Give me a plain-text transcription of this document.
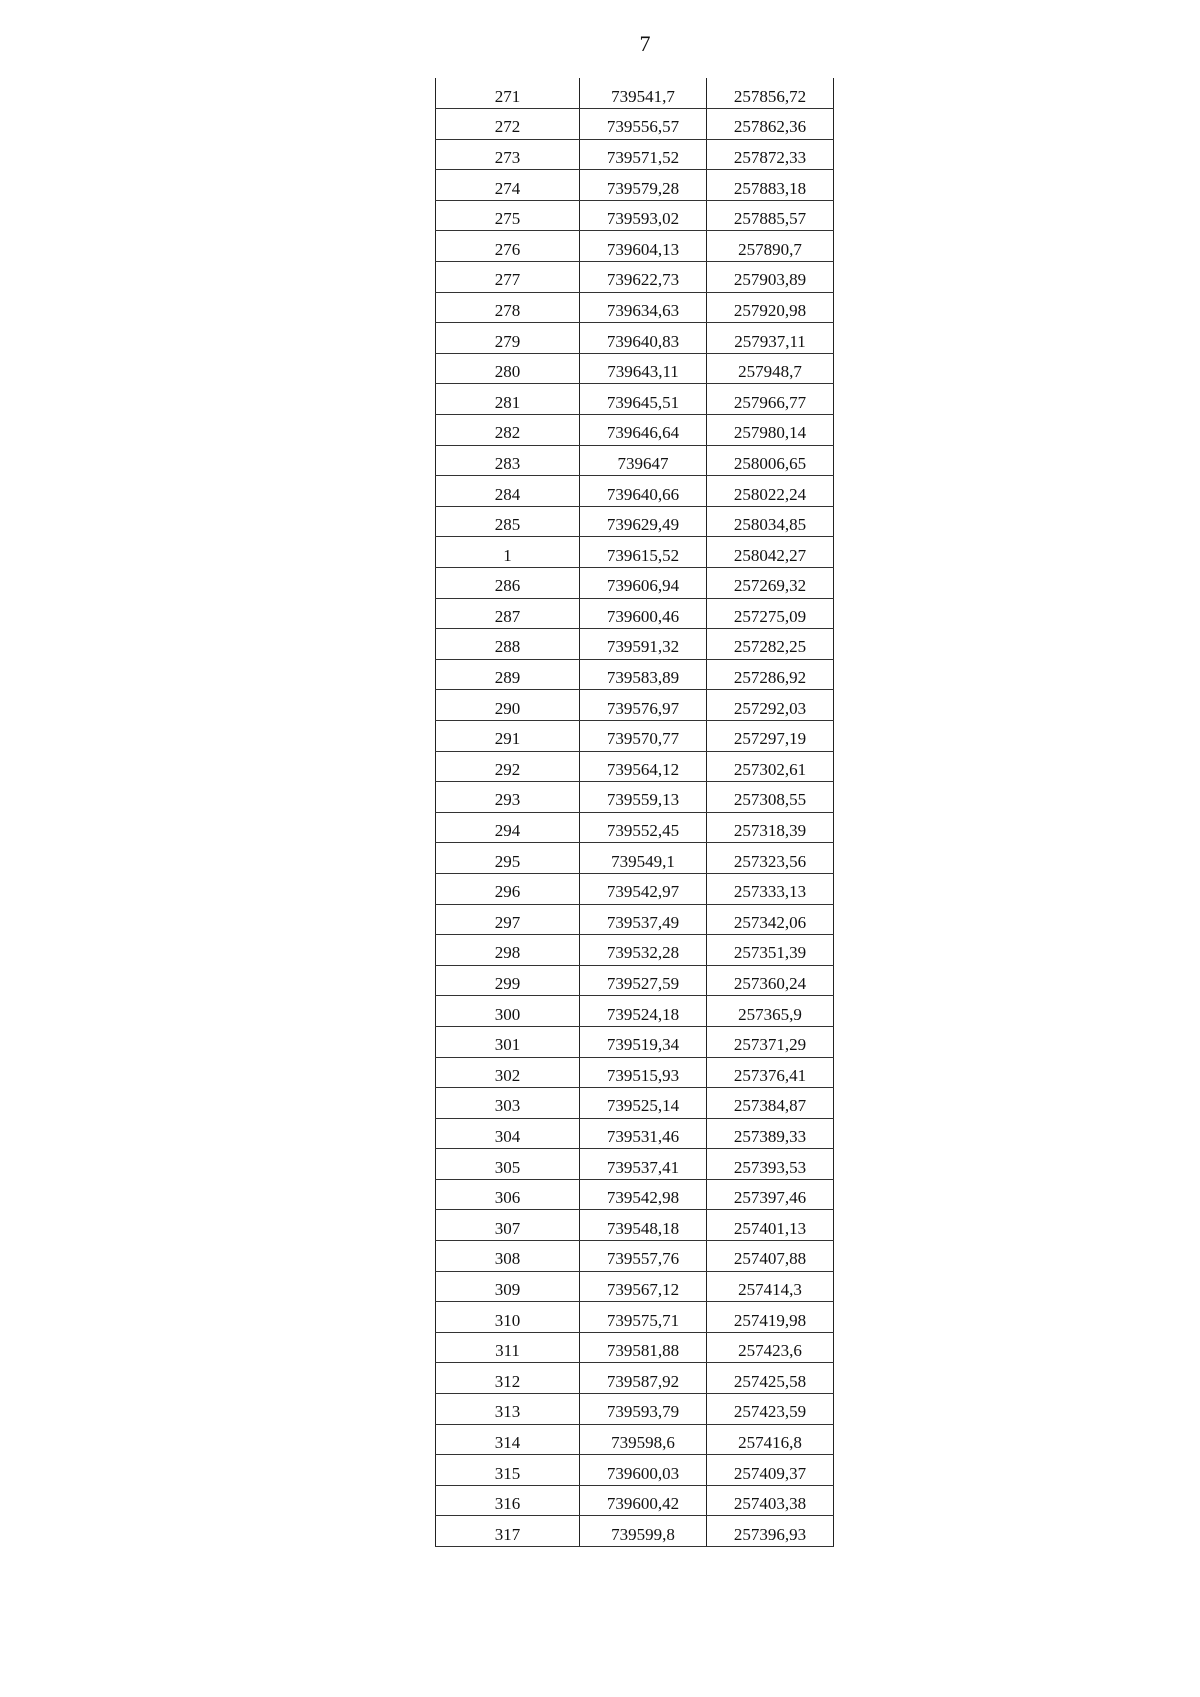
7
271	739541,7	257856,72
272	739556,57	257862,36
273	739571,52	257872,33
274	739579,28	257883,18
275	739593,02	257885,57
276	739604,13	257890,7
277	739622,73	257903,89
278	739634,63	257920,98
279	739640,83	257937,11
280	739643,11	257948,7
281	739645,51	257966,77
282	739646,64	257980,14
283	739647	258006,65
284	739640,66	258022,24
285	739629,49	258034,85
1	739615,52	258042,27
286	739606,94	257269,32
287	739600,46	257275,09
288	739591,32	257282,25
289	739583,89	257286,92
290	739576,97	257292,03
291	739570,77	257297,19
292	739564,12	257302,61
293	739559,13	257308,55
294	739552,45	257318,39
295	739549,1	257323,56
296	739542,97	257333,13
297	739537,49	257342,06
298	739532,28	257351,39
299	739527,59	257360,24
300	739524,18	257365,9
301	739519,34	257371,29
302	739515,93	257376,41
303	739525,14	257384,87
304	739531,46	257389,33
305	739537,41	257393,53
306	739542,98	257397,46
307	739548,18	257401,13
308	739557,76	257407,88
309	739567,12	257414,3
310	739575,71	257419,98
311	739581,88	257423,6
312	739587,92	257425,58
313	739593,79	257423,59
314	739598,6	257416,8
315	739600,03	257409,37
316	739600,42	257403,38
317	739599,8	257396,93
